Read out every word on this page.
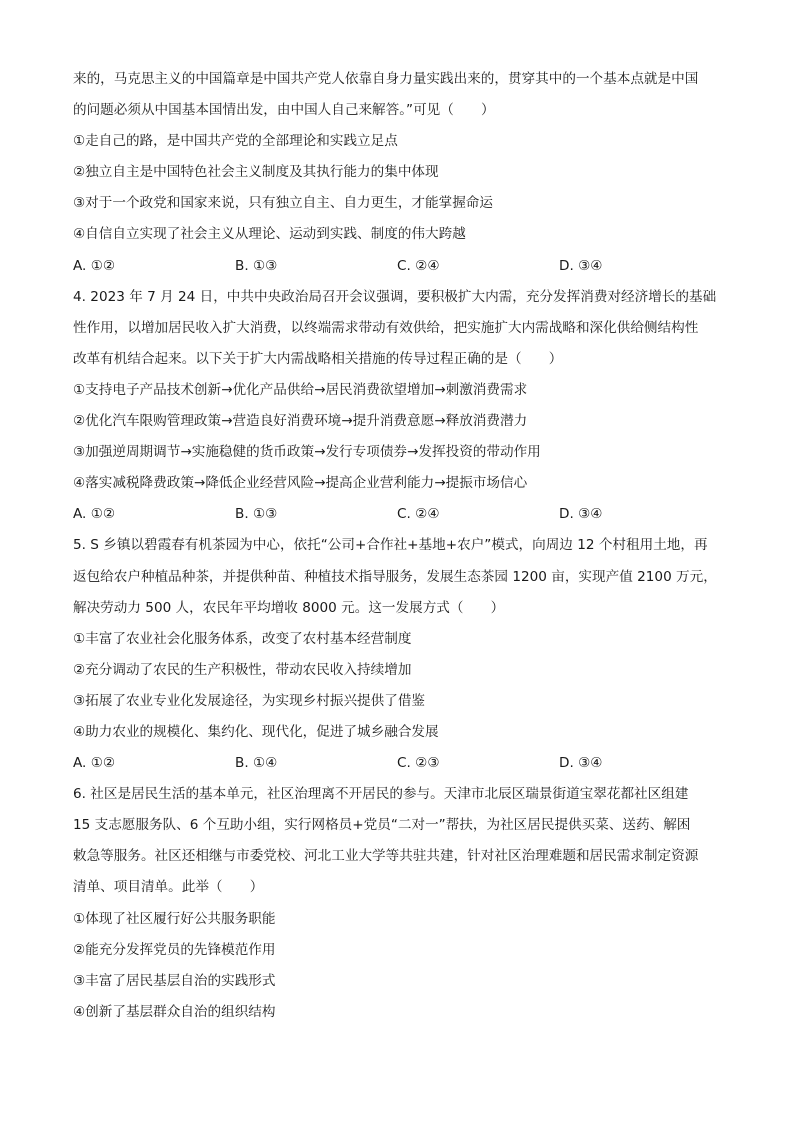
来的，马克思主义的中国篇章是中国共产党人依靠自身力量实践出来的，贯穿其中的一个基本点就是中国
的问题必须从中国基本国情出发，由中国人自己来解答。”可见（　　）
①走自己的路，是中国共产党的全部理论和实践立足点
②独立自主是中国特色社会主义制度及其执行能力的集中体现
③对于一个政党和国家来说，只有独立自主、自力更生，才能掌握命运
④自信自立实现了社会主义从理论、运动到实践、制度的伟大跨越
A. ①②	B. ①③	C. ②④	D. ③④
4. 2023 年 7 月 24 日，中共中央政治局召开会议强调，要积极扩大内需，充分发挥消费对经济增长的基础
性作用，以增加居民收入扩大消费，以终端需求带动有效供给，把实施扩大内需战略和深化供给侧结构性
改革有机结合起来。以下关于扩大内需战略相关措施的传导过程正确的是（　　）
①支持电子产品技术创新→优化产品供给→居民消费欲望增加→刺激消费需求
②优化汽车限购管理政策→营造良好消费环境→提升消费意愿→释放消费潜力
③加强逆周期调节→实施稳健的货币政策→发行专项债券→发挥投资的带动作用
④落实减税降费政策→降低企业经营风险→提高企业营利能力→提振市场信心
A. ①②	B. ①③	C. ②④	D. ③④
5. S 乡镇以碧霞春有机茶园为中心，依托“公司+合作社+基地+农户”模式，向周边 12 个村租用土地，再
返包给农户种植品种茶，并提供种苗、种植技术指导服务，发展生态茶园 1200 亩，实现产值 2100 万元，
解决劳动力 500 人，农民年平均增收 8000 元。这一发展方式（　　）
①丰富了农业社会化服务体系，改变了农村基本经营制度
②充分调动了农民的生产积极性，带动农民收入持续增加
③拓展了农业专业化发展途径，为实现乡村振兴提供了借鉴
④助力农业的规模化、集约化、现代化，促进了城乡融合发展
A. ①②	B. ①④	C. ②③	D. ③④
6. 社区是居民生活的基本单元，社区治理离不开居民的参与。天津市北辰区瑞景街道宝翠花都社区组建
15 支志愿服务队、6 个互助小组，实行网格员+党员“二对一”帮扶，为社区居民提供买菜、送药、解困
敕急等服务。社区还相继与市委党校、河北工业大学等共驻共建，针对社区治理难题和居民需求制定资源
清单、项目清单。此举（　　）
①体现了社区履行好公共服务职能
②能充分发挥党员的先锋模范作用
③丰富了居民基层自治的实践形式
④创新了基层群众自治的组织结构
